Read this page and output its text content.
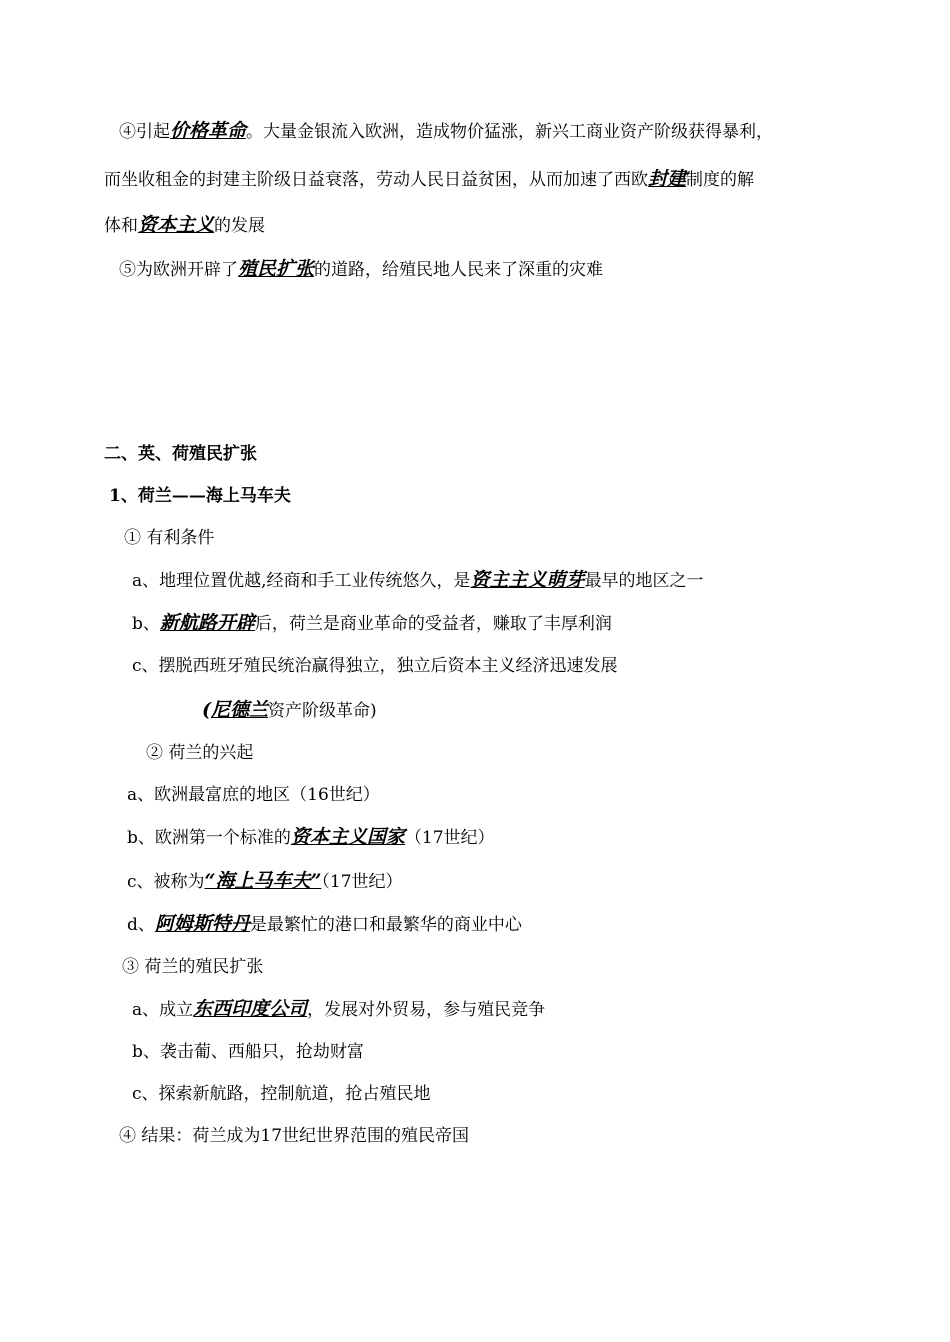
④引起价格革命。大量金银流入欧洲，造成物价猛涨，新兴工商业资产阶级获得暴利，
而坐收租金的封建主阶级日益衰落，劳动人民日益贫困，从而加速了西欧封建制度的解
体和资本主义的发展
⑤为欧洲开辟了殖民扩张的道路，给殖民地人民来了深重的灾难
二、英、荷殖民扩张
1、荷兰——海上马车夫
① 有利条件
a、地理位置优越,经商和手工业传统悠久，是资主主义萌芽最早的地区之一
b、新航路开辟后，荷兰是商业革命的受益者，赚取了丰厚利润
c、摆脱西班牙殖民统治赢得独立，独立后资本主义经济迅速发展
(尼德兰资产阶级革命)
② 荷兰的兴起
a、欧洲最富庶的地区（16世纪）
b、欧洲第一个标准的资本主义国家（17世纪）
c、被称为“海上马车夫”（17世纪）
d、阿姆斯特丹是最繁忙的港口和最繁华的商业中心
③ 荷兰的殖民扩张
a、成立东西印度公司，发展对外贸易，参与殖民竞争
b、袭击葡、西船只，抢劫财富
c、探索新航路，控制航道，抢占殖民地
④ 结果：荷兰成为17世纪世界范围的殖民帝国
